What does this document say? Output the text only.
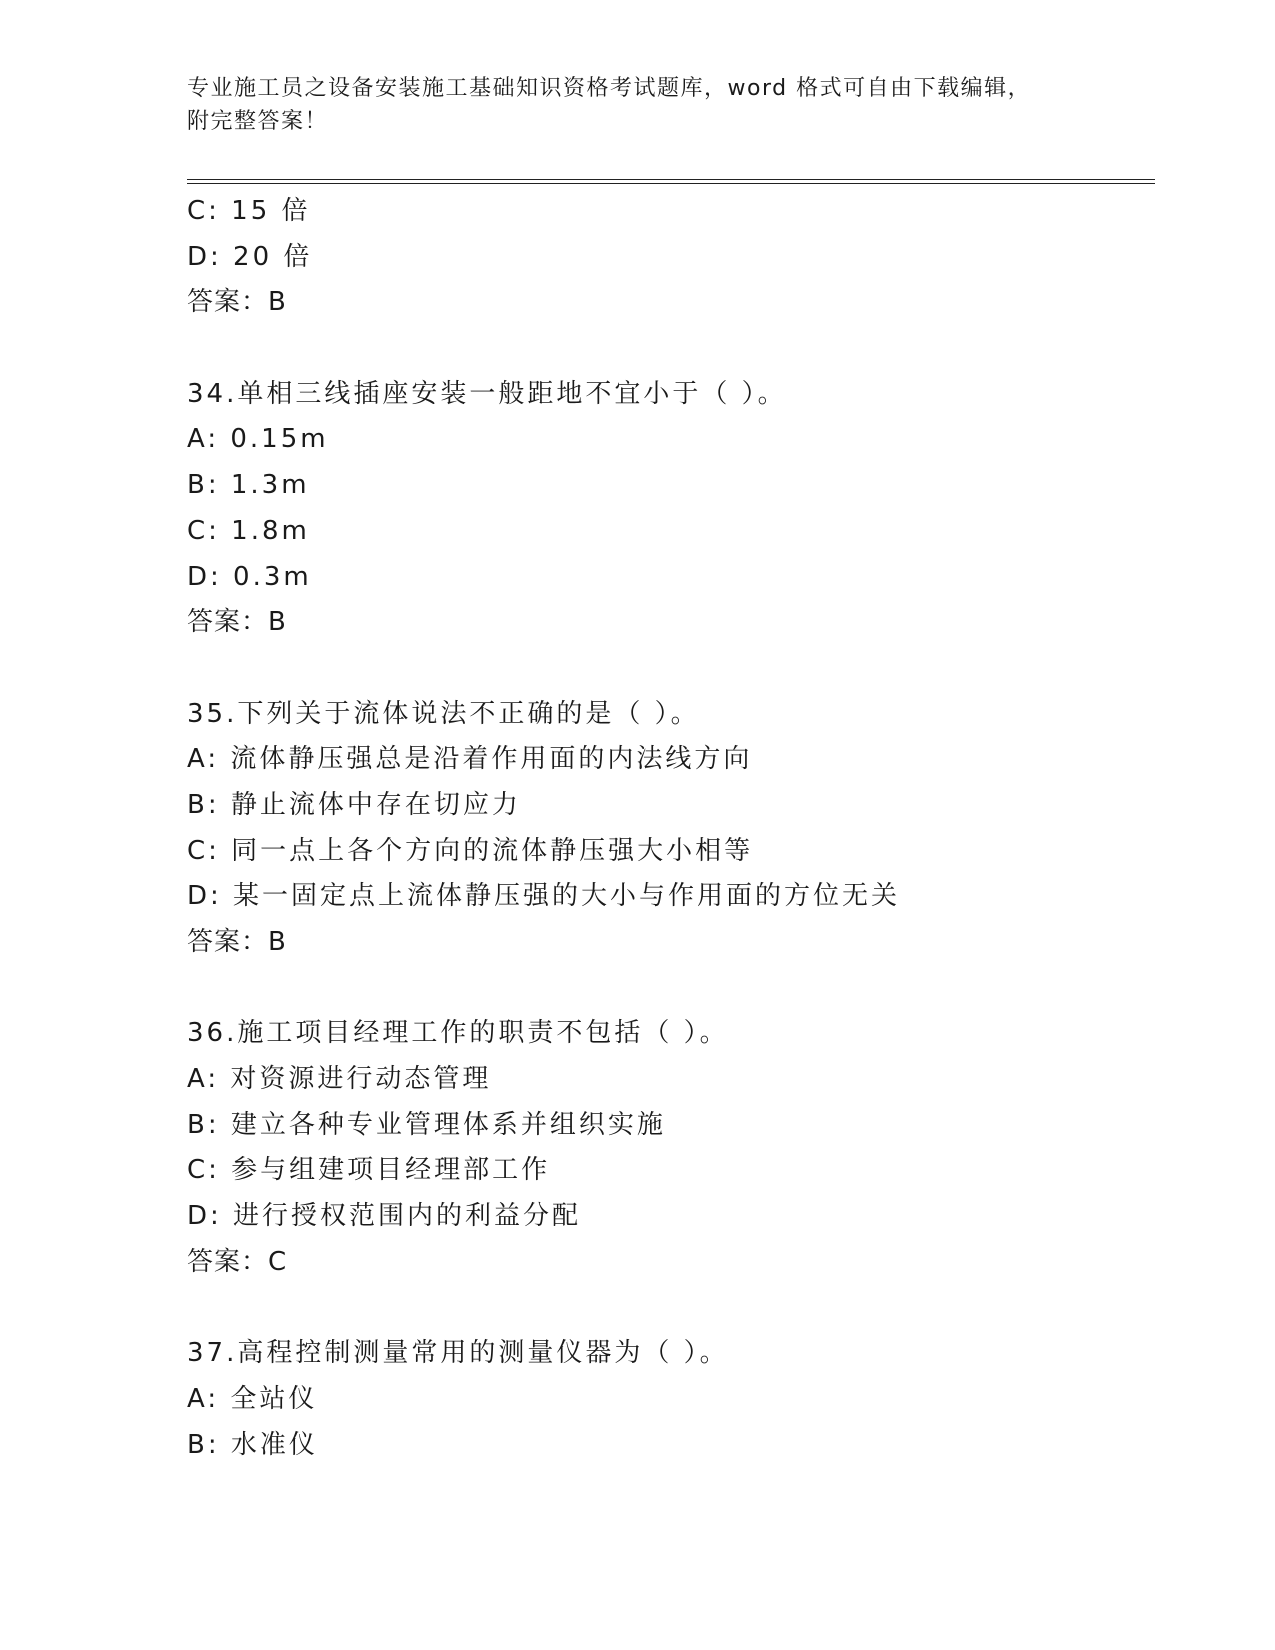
专业施工员之设备安装施工基础知识资格考试题库，word 格式可自由下载编辑，
附完整答案！
C: 15 倍
D: 20 倍
答案：B
34.单相三线插座安装一般距地不宜小于（ ）。
A: 0.15m
B: 1.3m
C: 1.8m
D: 0.3m
答案：B
35.下列关于流体说法不正确的是（ ）。
A: 流体静压强总是沿着作用面的内法线方向
B: 静止流体中存在切应力
C: 同一点上各个方向的流体静压强大小相等
D: 某一固定点上流体静压强的大小与作用面的方位无关
答案：B
36.施工项目经理工作的职责不包括（ ）。
A: 对资源进行动态管理
B: 建立各种专业管理体系并组织实施
C: 参与组建项目经理部工作
D: 进行授权范围内的利益分配
答案：C
37.高程控制测量常用的测量仪器为（ ）。
A: 全站仪
B: 水准仪
